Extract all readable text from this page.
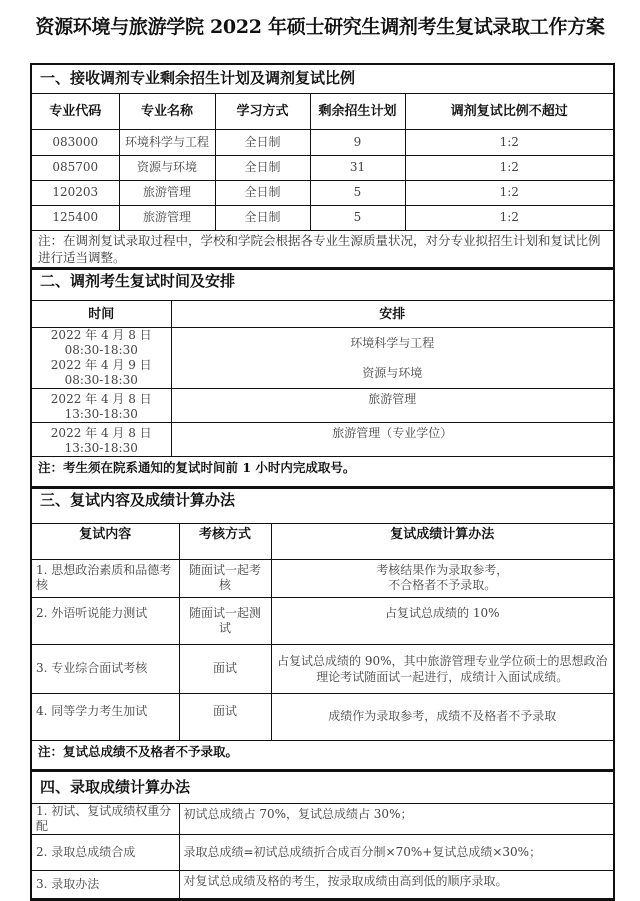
资源环境与旅游学院 2022 年硕士研究生调剂考生复试录取工作方案
一、接收调剂专业剩余招生计划及调剂复试比例				
专业代码	专业名称	学习方式	剩余招生计划	调剂复试比例不超过
083000	环境科学与工程	全日制	9	1:2
085700	资源与环境	全日制	31	1:2
120203	旅游管理	全日制	5	1:2
125400	旅游管理	全日制	5	1:2
注：在调剂复试录取过程中，学校和学院会根据各专业生源质量状况，对分专业拟招生计划和复试比例进行适当调整。				
二、调剂考生复试时间及安排	
时间	安排
2022 年 4 月 8 日 08:30-18:30	环境科学与工程
2022 年 4 月 9 日 08:30-18:30	资源与环境
2022 年 4 月 8 日 13:30-18:30	旅游管理
2022 年 4 月 8 日 13:30-18:30	旅游管理（专业学位）
注：考生须在院系通知的复试时间前 1 小时内完成取号。	
三、复试内容及成绩计算办法		
复试内容	考核方式	复试成绩计算办法
1. 思想政治素质和品德考核	随面试一起考核	考核结果作为录取参考，
不合格者不予录取。
2. 外语听说能力测试	随面试一起测试	占复试总成绩的 10%
3. 专业综合面试考核	面试	占复试总成绩的 90%，其中旅游管理专业学位硕士的思想政治理论考试随面试一起进行，成绩计入面试成绩。
4. 同等学力考生加试	面试	成绩作为录取参考，成绩不及格者不予录取
注：复试总成绩不及格者不予录取。		
四、录取成绩计算办法	
1. 初试、复试成绩权重分配	初试总成绩占 70%，复试总成绩占 30%；
2. 录取总成绩合成	录取总成绩=初试总成绩折合成百分制×70%+复试总成绩×30%；
3. 录取办法	对复试总成绩及格的考生，按录取成绩由高到低的顺序录取。
